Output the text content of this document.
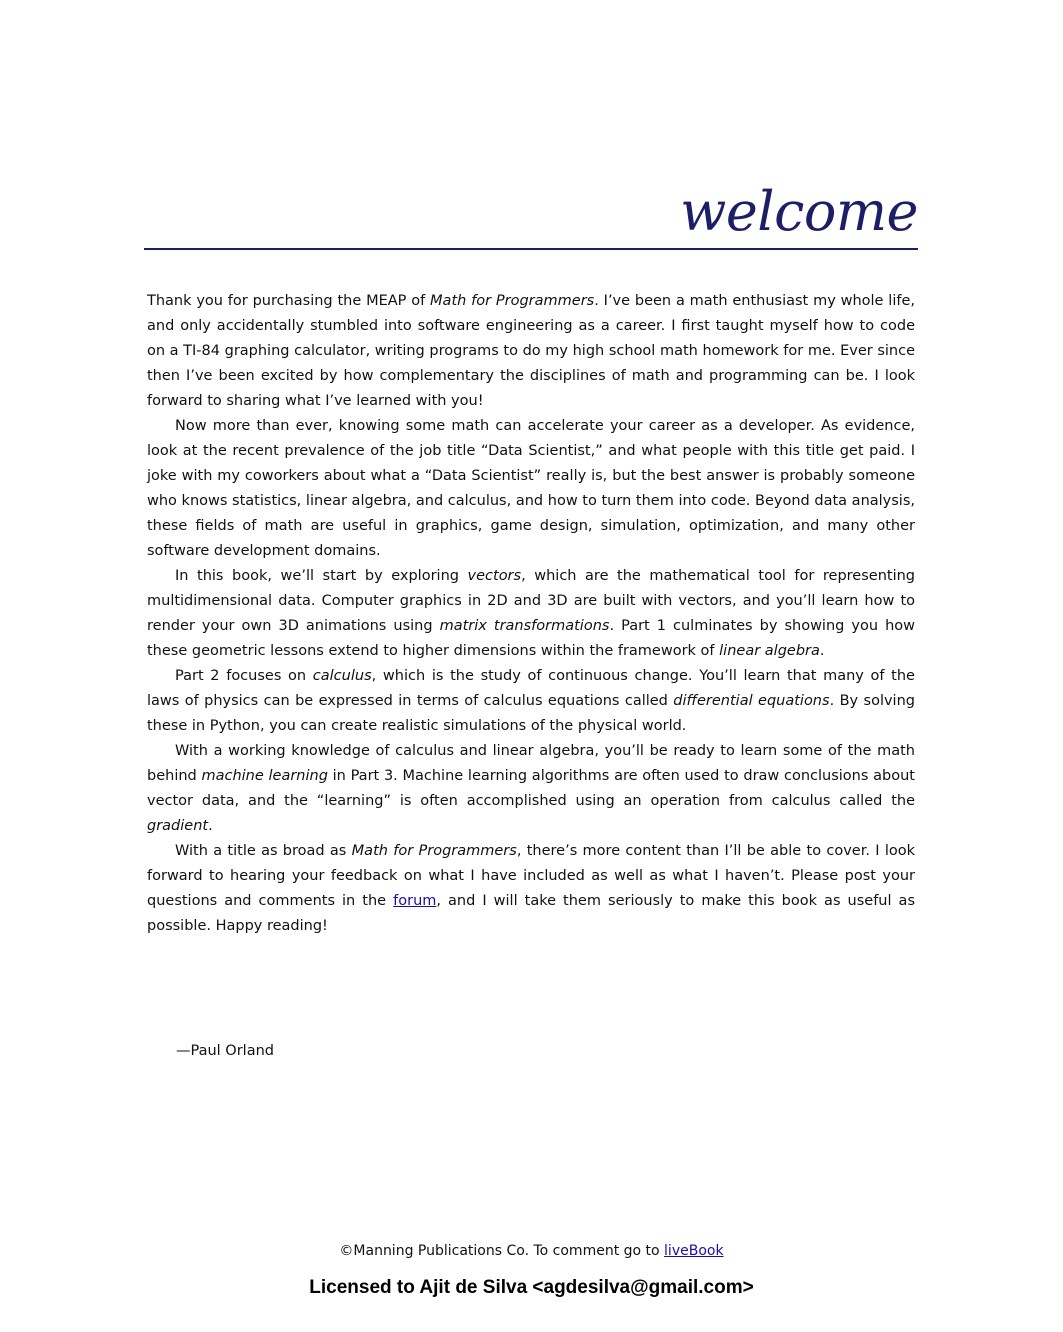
welcome

Thank you for purchasing the MEAP of Math for Programmers. I’ve been a math enthusiast my whole life, and only accidentally stumbled into software engineering as a career. I first taught myself how to code on a TI-84 graphing calculator, writing programs to do my high school math homework for me. Ever since then I’ve been excited by how complementary the disciplines of math and programming can be. I look forward to sharing what I’ve learned with you!

Now more than ever, knowing some math can accelerate your career as a developer. As evidence, look at the recent prevalence of the job title “Data Scientist,” and what people with this title get paid. I joke with my coworkers about what a “Data Scientist” really is, but the best answer is probably someone who knows statistics, linear algebra, and calculus, and how to turn them into code. Beyond data analysis, these fields of math are useful in graphics, game design, simulation, optimization, and many other software development domains.

In this book, we’ll start by exploring vectors, which are the mathematical tool for representing multidimensional data. Computer graphics in 2D and 3D are built with vectors, and you’ll learn how to render your own 3D animations using matrix transformations. Part 1 culminates by showing you how these geometric lessons extend to higher dimensions within the framework of linear algebra.

Part 2 focuses on calculus, which is the study of continuous change. You’ll learn that many of the laws of physics can be expressed in terms of calculus equations called differential equations. By solving these in Python, you can create realistic simulations of the physical world.

With a working knowledge of calculus and linear algebra, you’ll be ready to learn some of the math behind machine learning in Part 3. Machine learning algorithms are often used to draw conclusions about vector data, and the “learning” is often accomplished using an operation from calculus called the gradient.

With a title as broad as Math for Programmers, there’s more content than I’ll be able to cover. I look forward to hearing your feedback on what I have included as well as what I haven’t. Please post your questions and comments in the forum, and I will take them seriously to make this book as useful as possible. Happy reading!

—Paul Orland
©Manning Publications Co. To comment go to liveBook
Licensed to Ajit de Silva <agdesilva@gmail.com>
